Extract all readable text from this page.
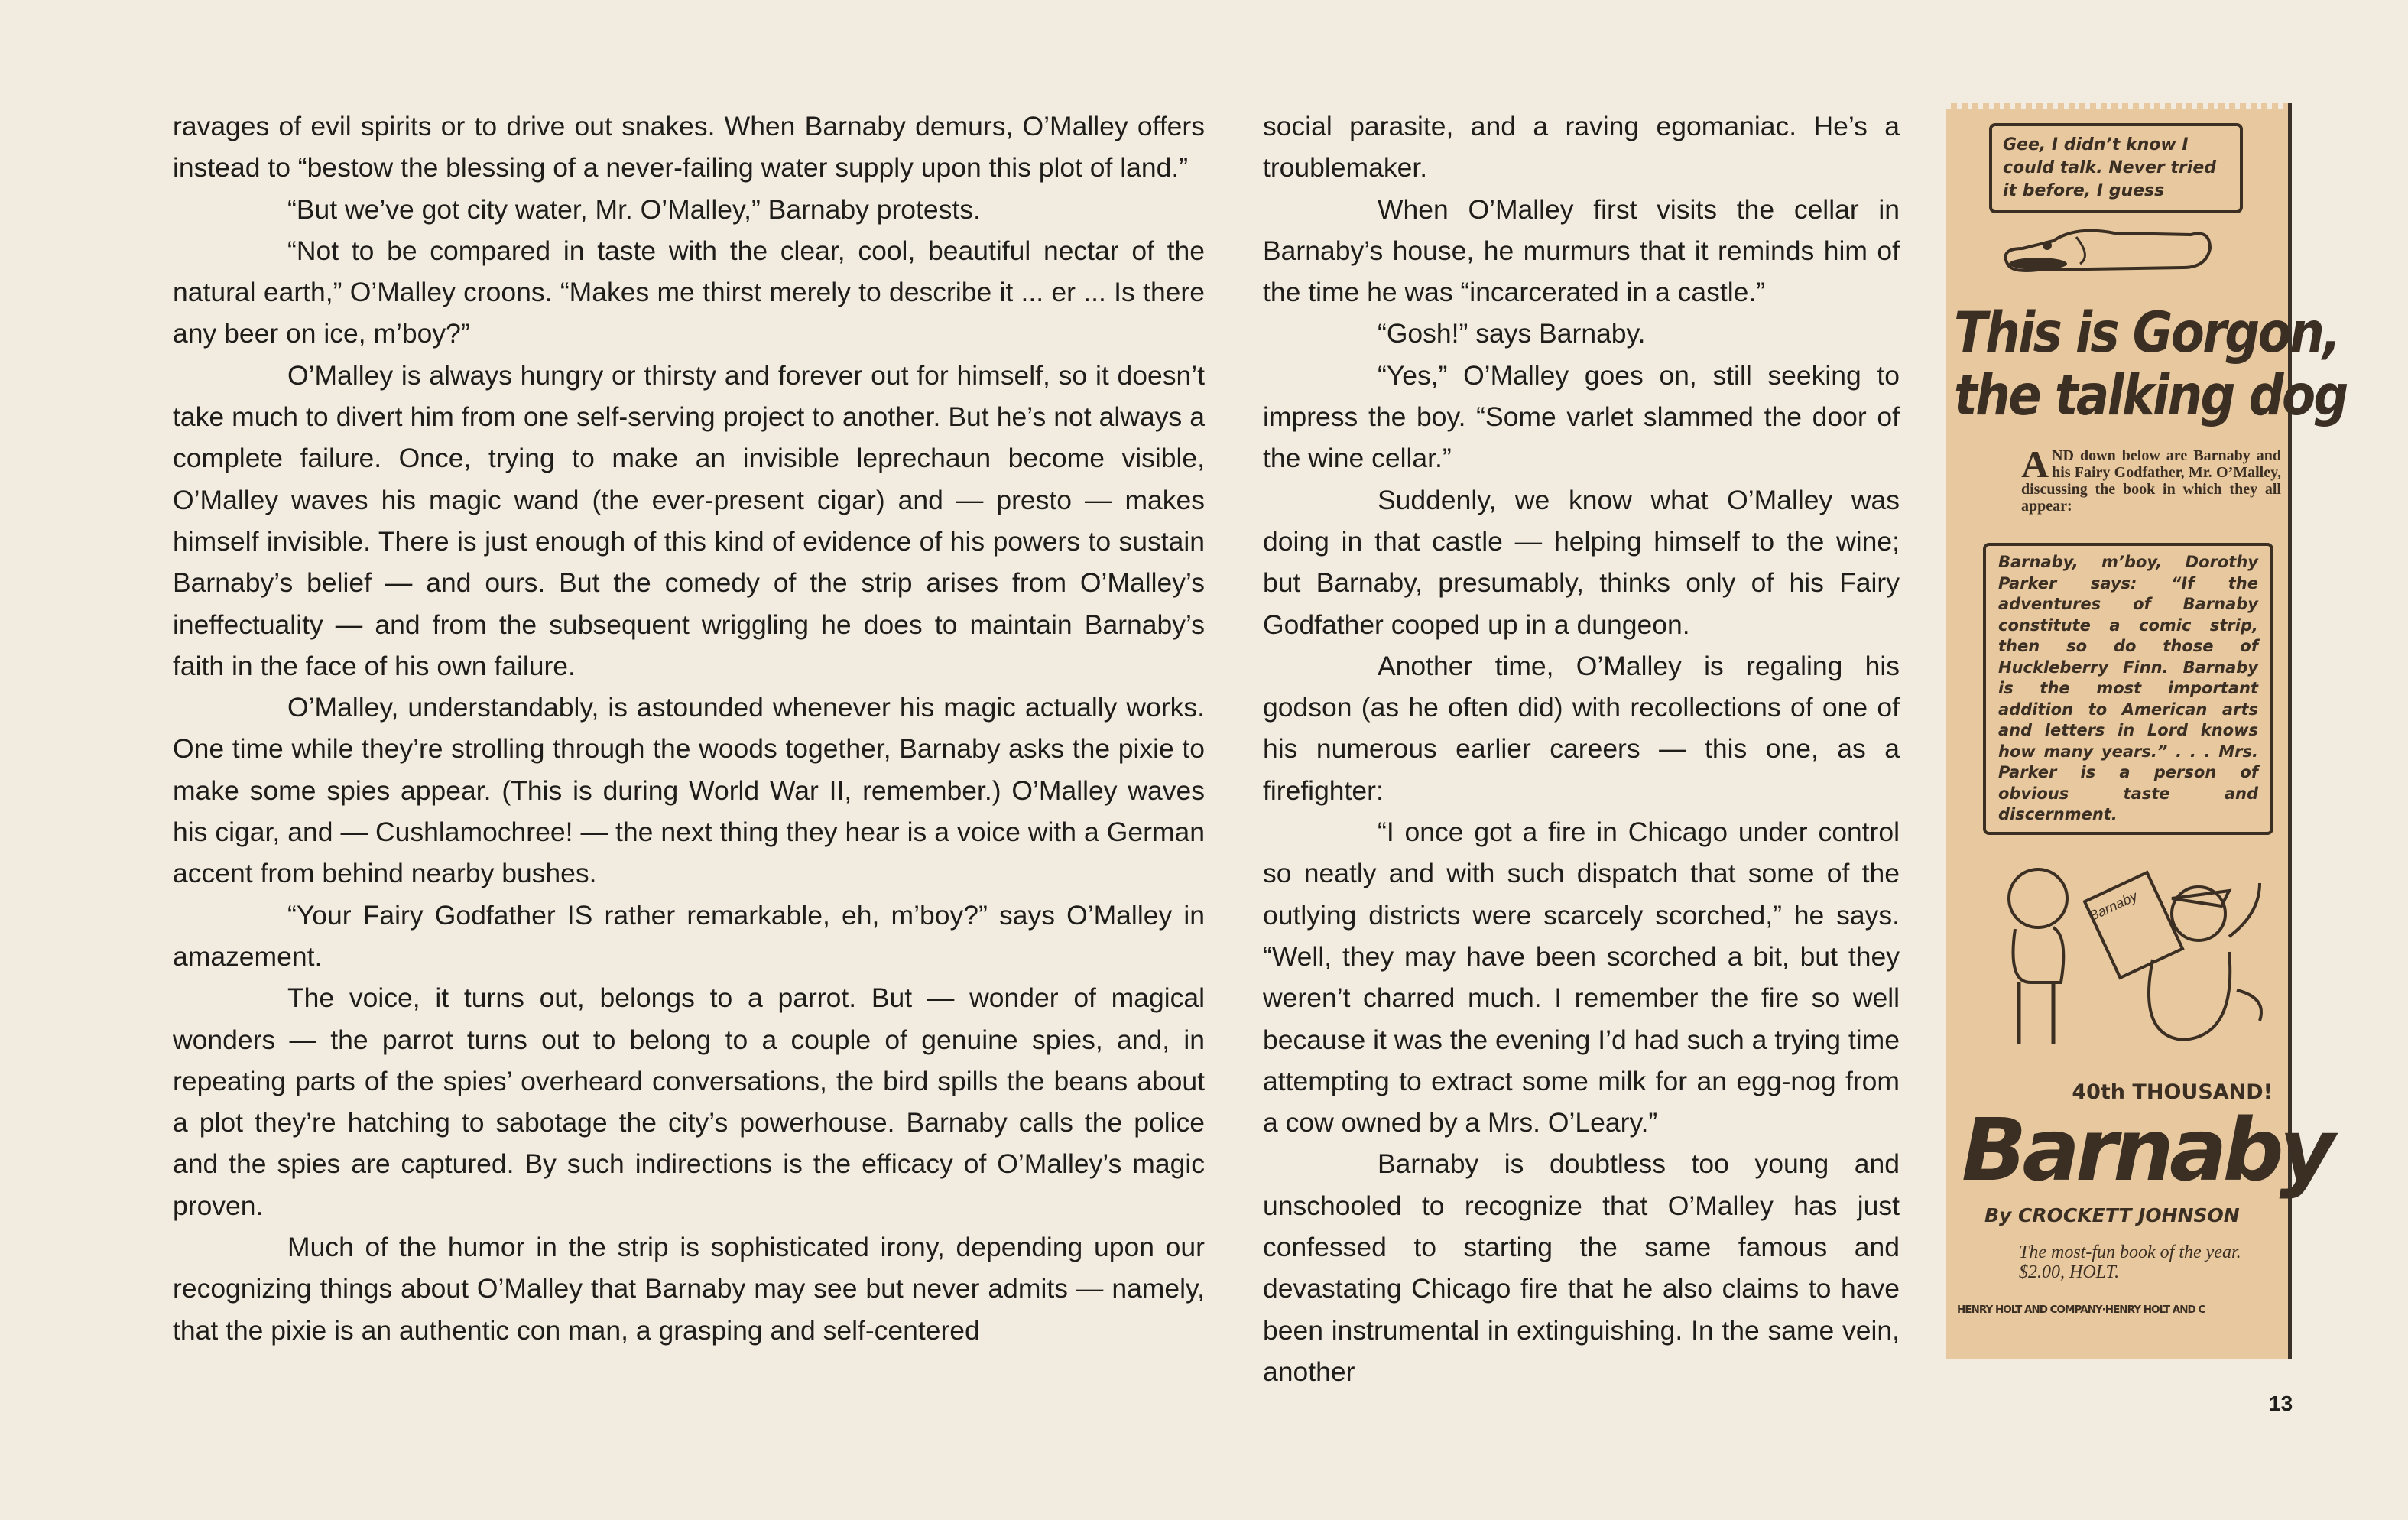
ravages of evil spirits or to drive out snakes. When Barnaby demurs, O’Malley offers instead to “bestow the blessing of a never-failing water supply upon this plot of land.”

“But we’ve got city water, Mr. O’Malley,” Barnaby protests.

“Not to be compared in taste with the clear, cool, beautiful nectar of the natural earth,” O’Malley croons. “Makes me thirst merely to describe it ... er ... Is there any beer on ice, m’boy?”

O’Malley is always hungry or thirsty and forever out for himself, so it doesn’t take much to divert him from one self-serving project to another. But he’s not always a complete failure. Once, trying to make an invisible leprechaun become visible, O’Malley waves his magic wand (the ever-present cigar) and — presto — makes himself invisible. There is just enough of this kind of evidence of his powers to sustain Barnaby’s belief — and ours. But the comedy of the strip arises from O’Malley’s ineffectuality — and from the subsequent wriggling he does to maintain Barnaby’s faith in the face of his own failure.

O’Malley, understandably, is astounded whenever his magic actually works. One time while they’re strolling through the woods together, Barnaby asks the pixie to make some spies appear. (This is during World War II, remember.) O’Malley waves his cigar, and — Cushlamochree! — the next thing they hear is a voice with a German accent from behind nearby bushes.

“Your Fairy Godfather IS rather remarkable, eh, m’boy?” says O’Malley in amazement.

The voice, it turns out, belongs to a parrot. But — wonder of magical wonders — the parrot turns out to belong to a couple of genuine spies, and, in repeating parts of the spies’ overheard conversations, the bird spills the beans about a plot they’re hatching to sabotage the city’s powerhouse. Barnaby calls the police and the spies are captured. By such indirections is the efficacy of O’Malley’s magic proven.

Much of the humor in the strip is sophisticated irony, depending upon our recognizing things about O’Malley that Barnaby may see but never admits — namely, that the pixie is an authentic con man, a grasping and self-centered

social parasite, and a raving egomaniac. He’s a troublemaker.

When O’Malley first visits the cellar in Barnaby’s house, he murmurs that it reminds him of the time he was “incarcerated in a castle.”

“Gosh!” says Barnaby.

“Yes,” O’Malley goes on, still seeking to impress the boy. “Some varlet slammed the door of the wine cellar.”

Suddenly, we know what O’Malley was doing in that castle — helping himself to the wine; but Barnaby, presumably, thinks only of his Fairy Godfather cooped up in a dungeon.

Another time, O’Malley is regaling his godson (as he often did) with recollections of one of his numerous earlier careers — this one, as a firefighter:

“I once got a fire in Chicago under control so neatly and with such dispatch that some of the outlying districts were scarcely scorched,” he says. “Well, they may have been scorched a bit, but they weren’t charred much. I remember the fire so well because it was the evening I’d had such a trying time attempting to extract some milk for an egg-nog from a cow owned by a Mrs. O’Leary.”

Barnaby is doubtless too young and unschooled to recognize that O’Malley has just confessed to starting the same famous and devastating Chicago fire that he also claims to have been instrumental in extinguishing. In the same vein, another

Gee, I didn’t know I could talk. Never tried it before, I guess
This is Gorgon,
the talking dog
AND down below are Barnaby and his Fairy Godfather, Mr. O’Malley, discussing the book in which they all appear:
Barnaby, m’boy, Dorothy Parker says: “If the adventures of Barnaby constitute a comic strip, then so do those of Huckleberry Finn. Barnaby is the most important addition to American arts and letters in Lord knows how many years.” . . . Mrs. Parker is a person of obvious taste and discernment.
Barnaby
40th THOUSAND!
Barnaby
By CROCKETT JOHNSON
The most-fun book of the year. $2.00, HOLT.
HENRY HOLT AND COMPANY·HENRY HOLT AND C
13
